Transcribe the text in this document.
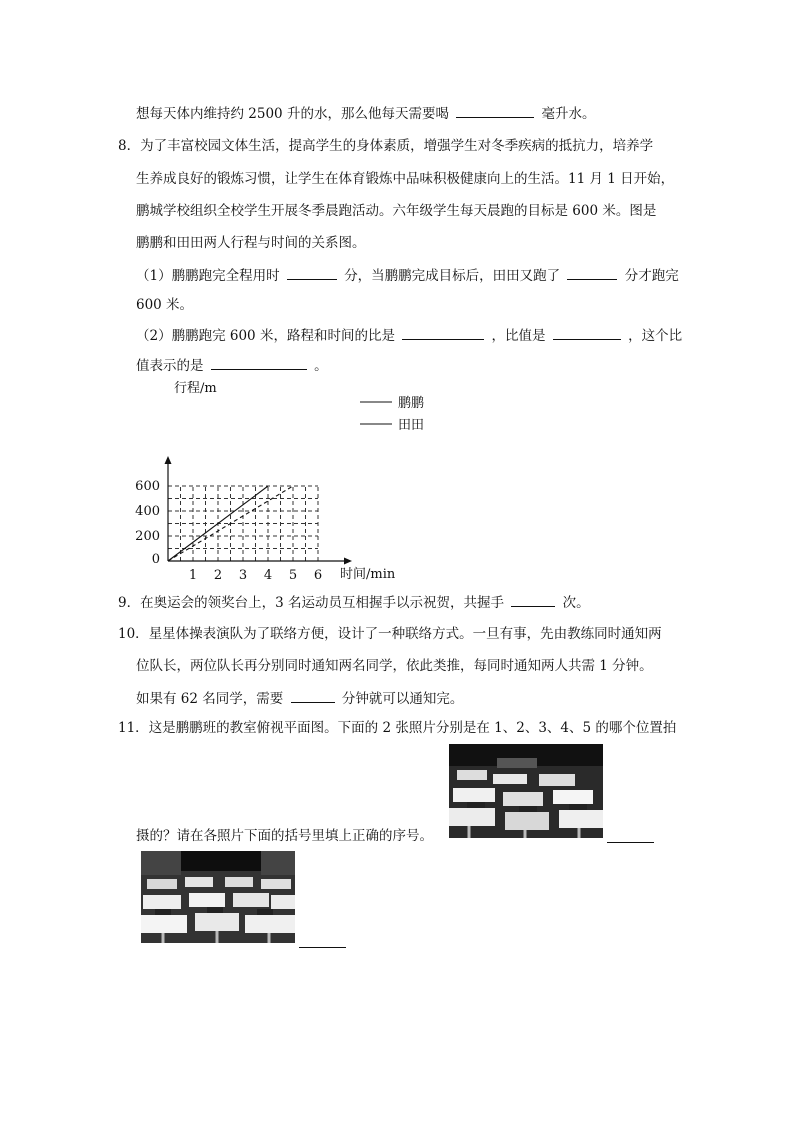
想每天体内维持约 2500 升的水，那么他每天需要喝	毫升水。
8．为了丰富校园文体生活，提高学生的身体素质，增强学生对冬季疾病的抵抗力，培养学
生养成良好的锻炼习惯，让学生在体育锻炼中品味积极健康向上的生活。11 月 1 日开始，
鹏城学校组织全校学生开展冬季晨跑活动。六年级学生每天晨跑的目标是 600 米。图是
鹏鹏和田田两人行程与时间的关系图。
（1）鹏鹏跑完全程用时	分，当鹏鹏完成目标后，田田又跑了	分才跑完
600 米。
（2）鹏鹏跑完 600 米，路程和时间的比是	，比值是	，这个比
值表示的是	。
1 2 3 4 5 6
0
200
400
600
行程/m
时间/min
鹏鹏
田田
9．在奥运会的领奖台上，3 名运动员互相握手以示祝贺，共握手	次。
10．星星体操表演队为了联络方便，设计了一种联络方式。一旦有事，先由教练同时通知两
位队长，两位队长再分别同时通知两名同学，依此类推，每同时通知两人共需 1 分钟。
如果有 62 名同学，需要	分钟就可以通知完。
11．这是鹏鹏班的教室俯视平面图。下面的 2 张照片分别是在 1、2、3、4、5 的哪个位置拍
摄的？请在各照片下面的括号里填上正确的序号。
